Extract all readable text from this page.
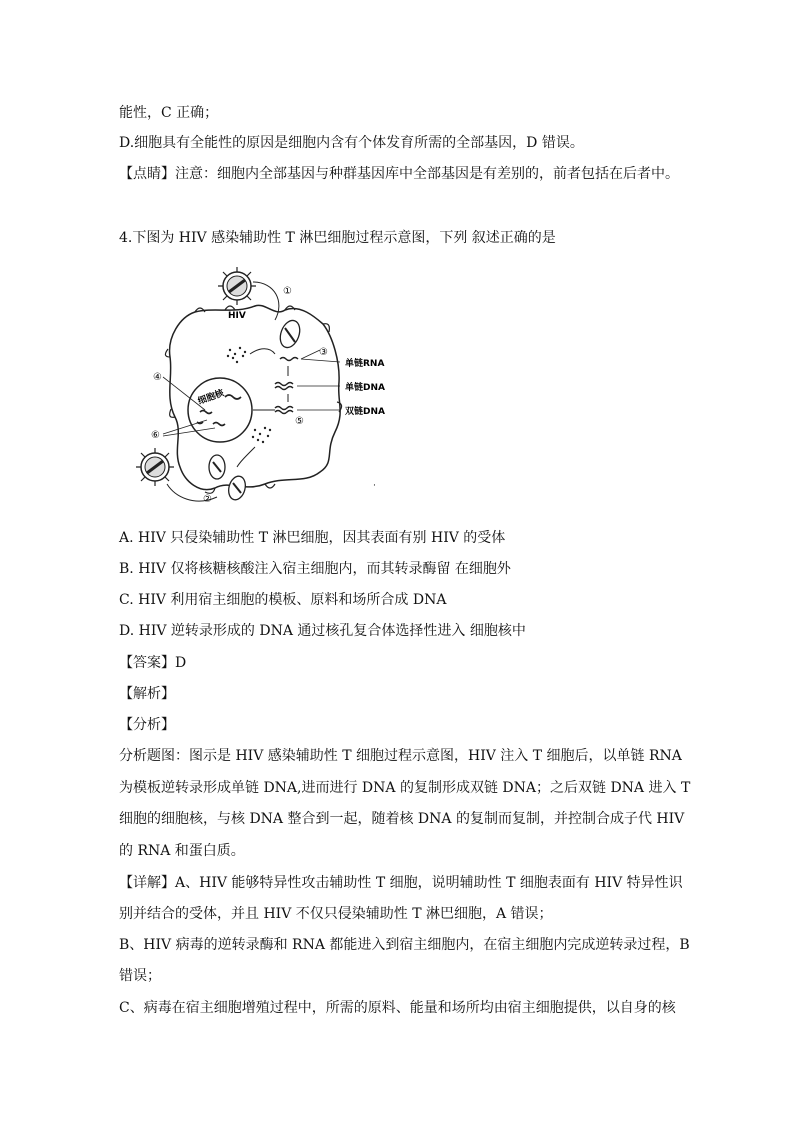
能性，C 正确；
D.细胞具有全能性的原因是细胞内含有个体发育所需的全部基因，D 错误。
【点睛】注意：细胞内全部基因与种群基因库中全部基因是有差别的，前者包括在后者中。
4.下图为 HIV 感染辅助性 T 淋巴细胞过程示意图，下列 叙述正确的是
HIV
①
③
单链RNA
单链DNA
双链DNA
细胞核
④
⑥
⑤
②
·
A. HIV 只侵染辅助性 T 淋巴细胞，因其表面有别 HIV 的受体
B. HIV 仅将核糖核酸注入宿主细胞内，而其转录酶留 在细胞外
C. HIV 利用宿主细胞的模板、原料和场所合成 DNA
D. HIV 逆转录形成的 DNA 通过核孔复合体选择性进入 细胞核中
【答案】D
【解析】
【分析】
分析题图：图示是 HIV 感染辅助性 T 细胞过程示意图，HIV 注入 T 细胞后，以单链 RNA
为模板逆转录形成单链 DNA,进而进行 DNA 的复制形成双链 DNA；之后双链 DNA 进入 T
细胞的细胞核，与核 DNA 整合到一起，随着核 DNA 的复制而复制，并控制合成子代 HIV
的 RNA 和蛋白质。
【详解】A、HIV 能够特异性攻击辅助性 T 细胞，说明辅助性 T 细胞表面有 HIV 特异性识
别并结合的受体，并且 HIV 不仅只侵染辅助性 T 淋巴细胞，A 错误；
B、HIV 病毒的逆转录酶和 RNA 都能进入到宿主细胞内，在宿主细胞内完成逆转录过程，B
错误；
C、病毒在宿主细胞增殖过程中，所需的原料、能量和场所均由宿主细胞提供，以自身的核
